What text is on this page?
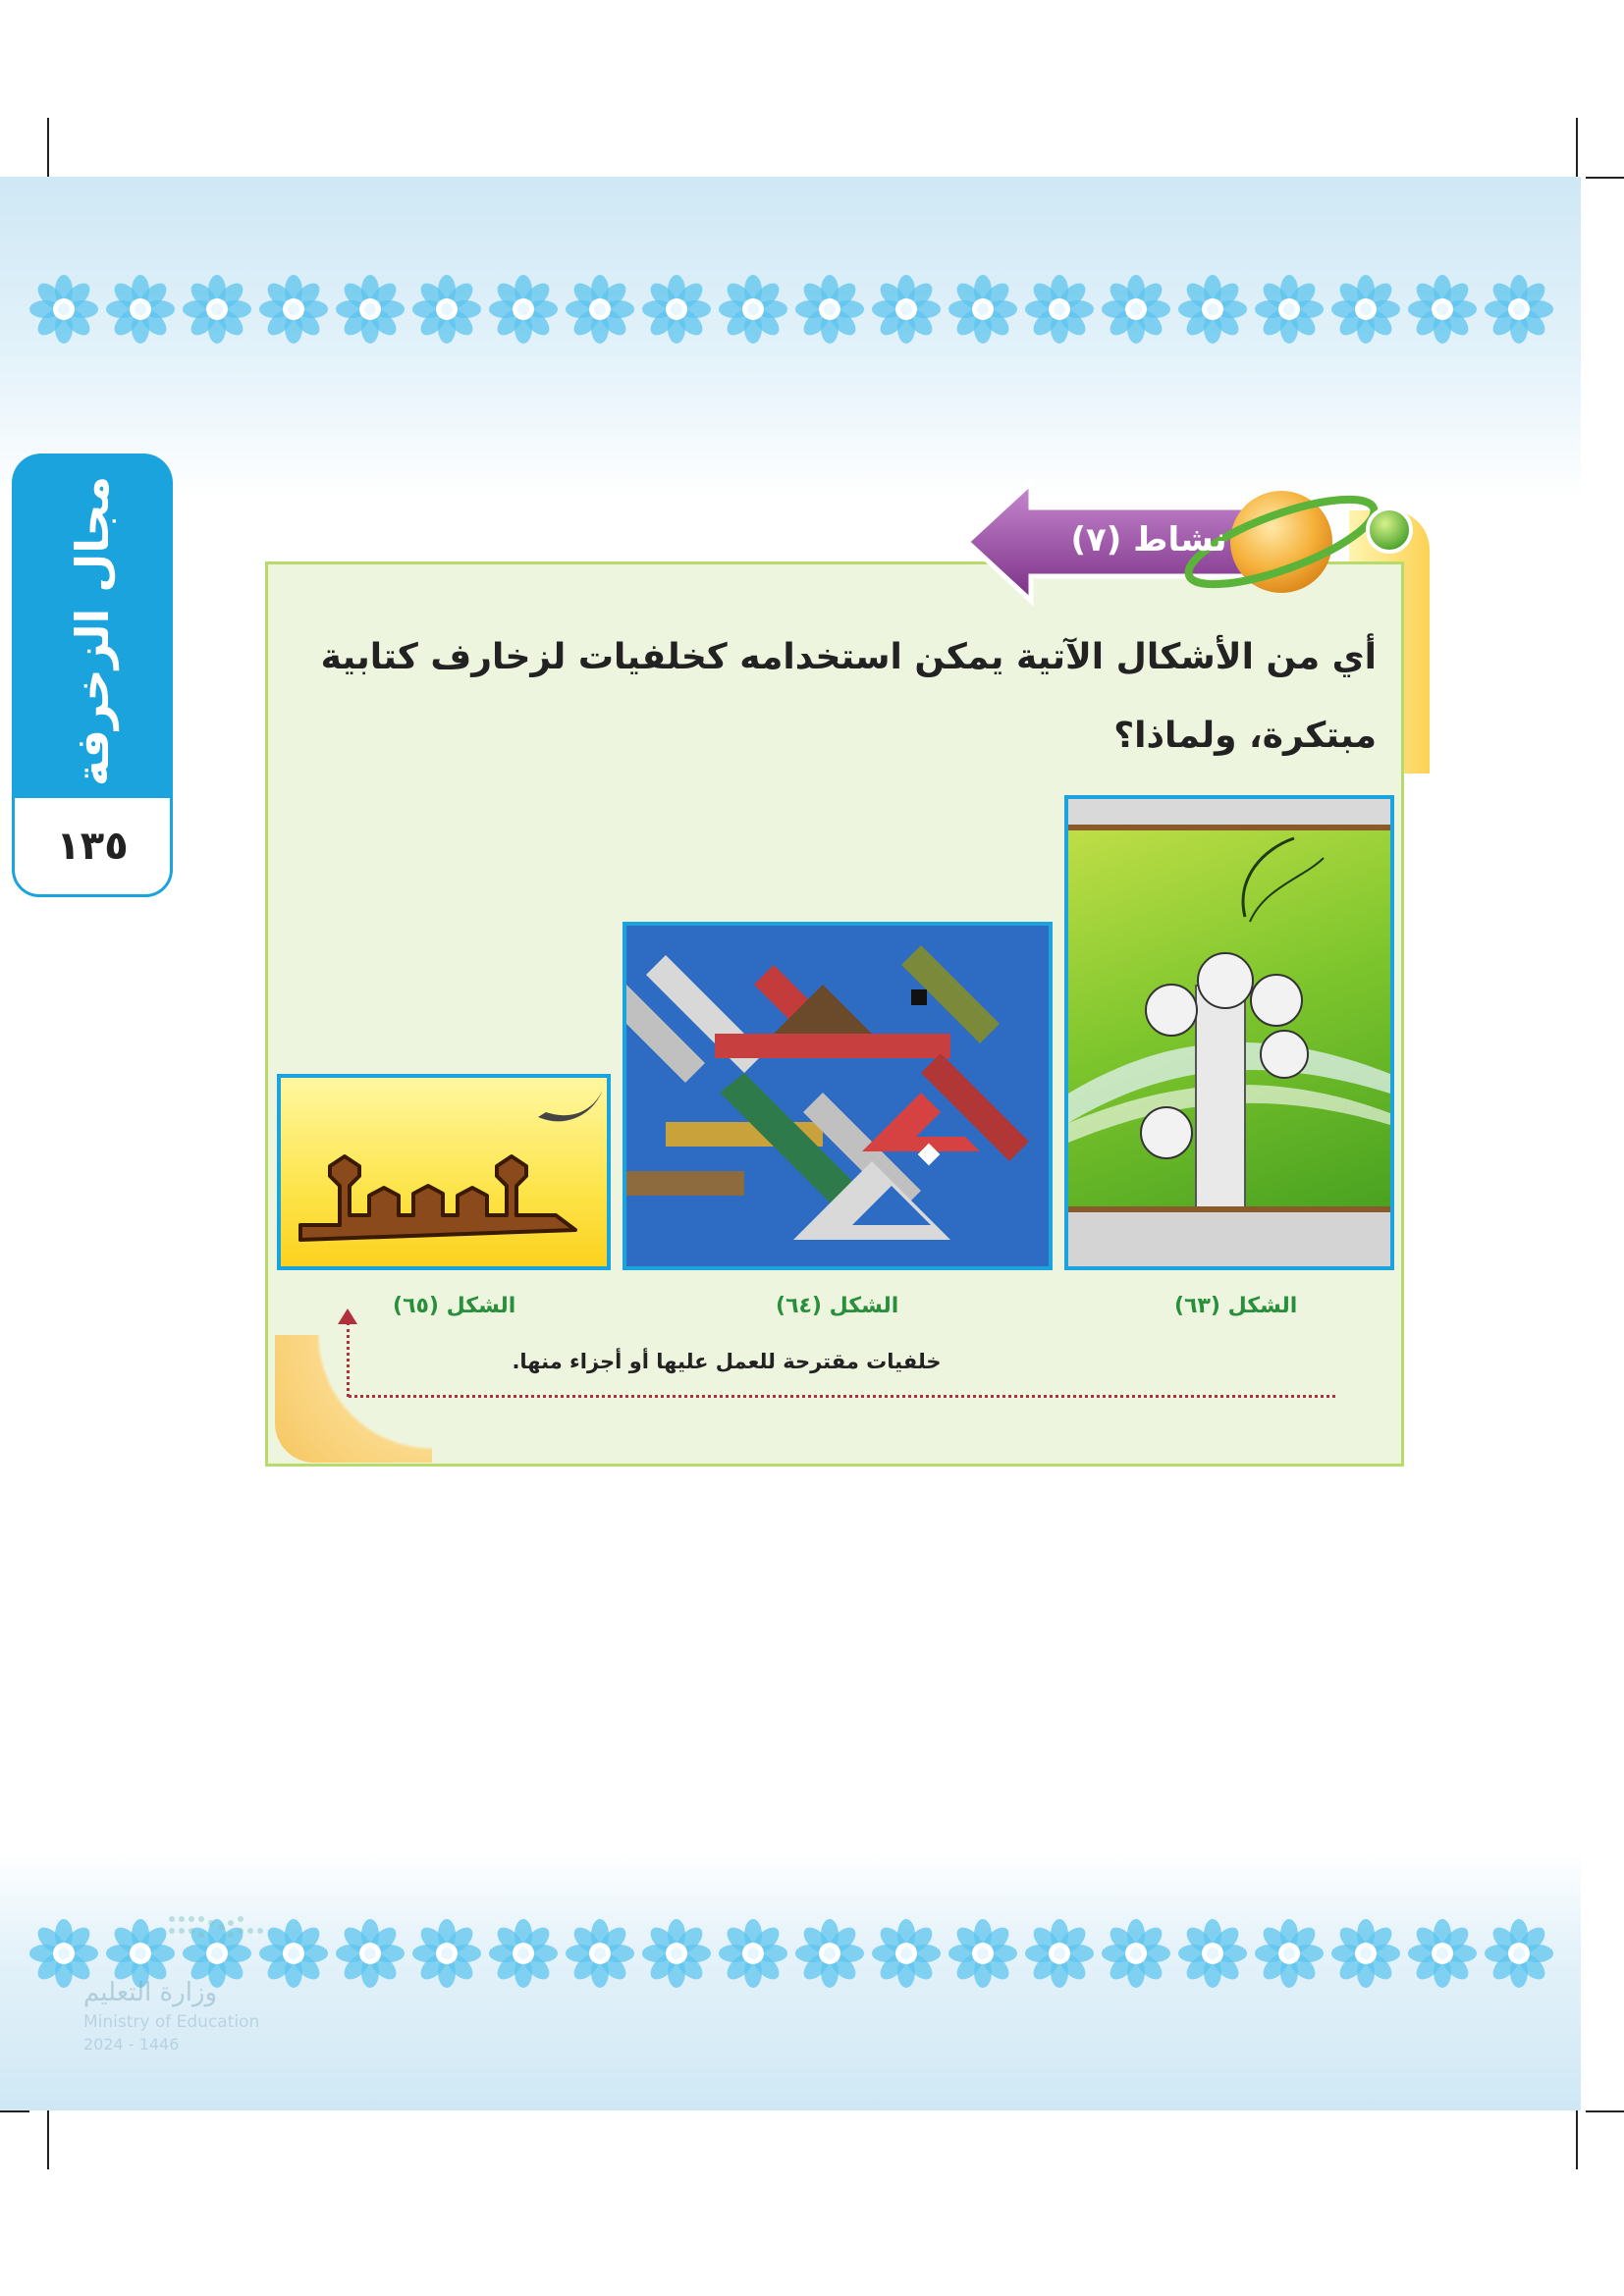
مجال الزخرفة
١٣٥
نشاط (٧)
أي من الأشكال الآتية يمكن استخدامه كخلفيات لزخارف كتابية
مبتكرة، ولماذا؟
الشكل (٦٣)
الشكل (٦٤)
الشكل (٦٥)
خلفيات مقترحة للعمل عليها أو أجزاء منها.
وزارة التعليم
Ministry of Education
2024 - 1446
